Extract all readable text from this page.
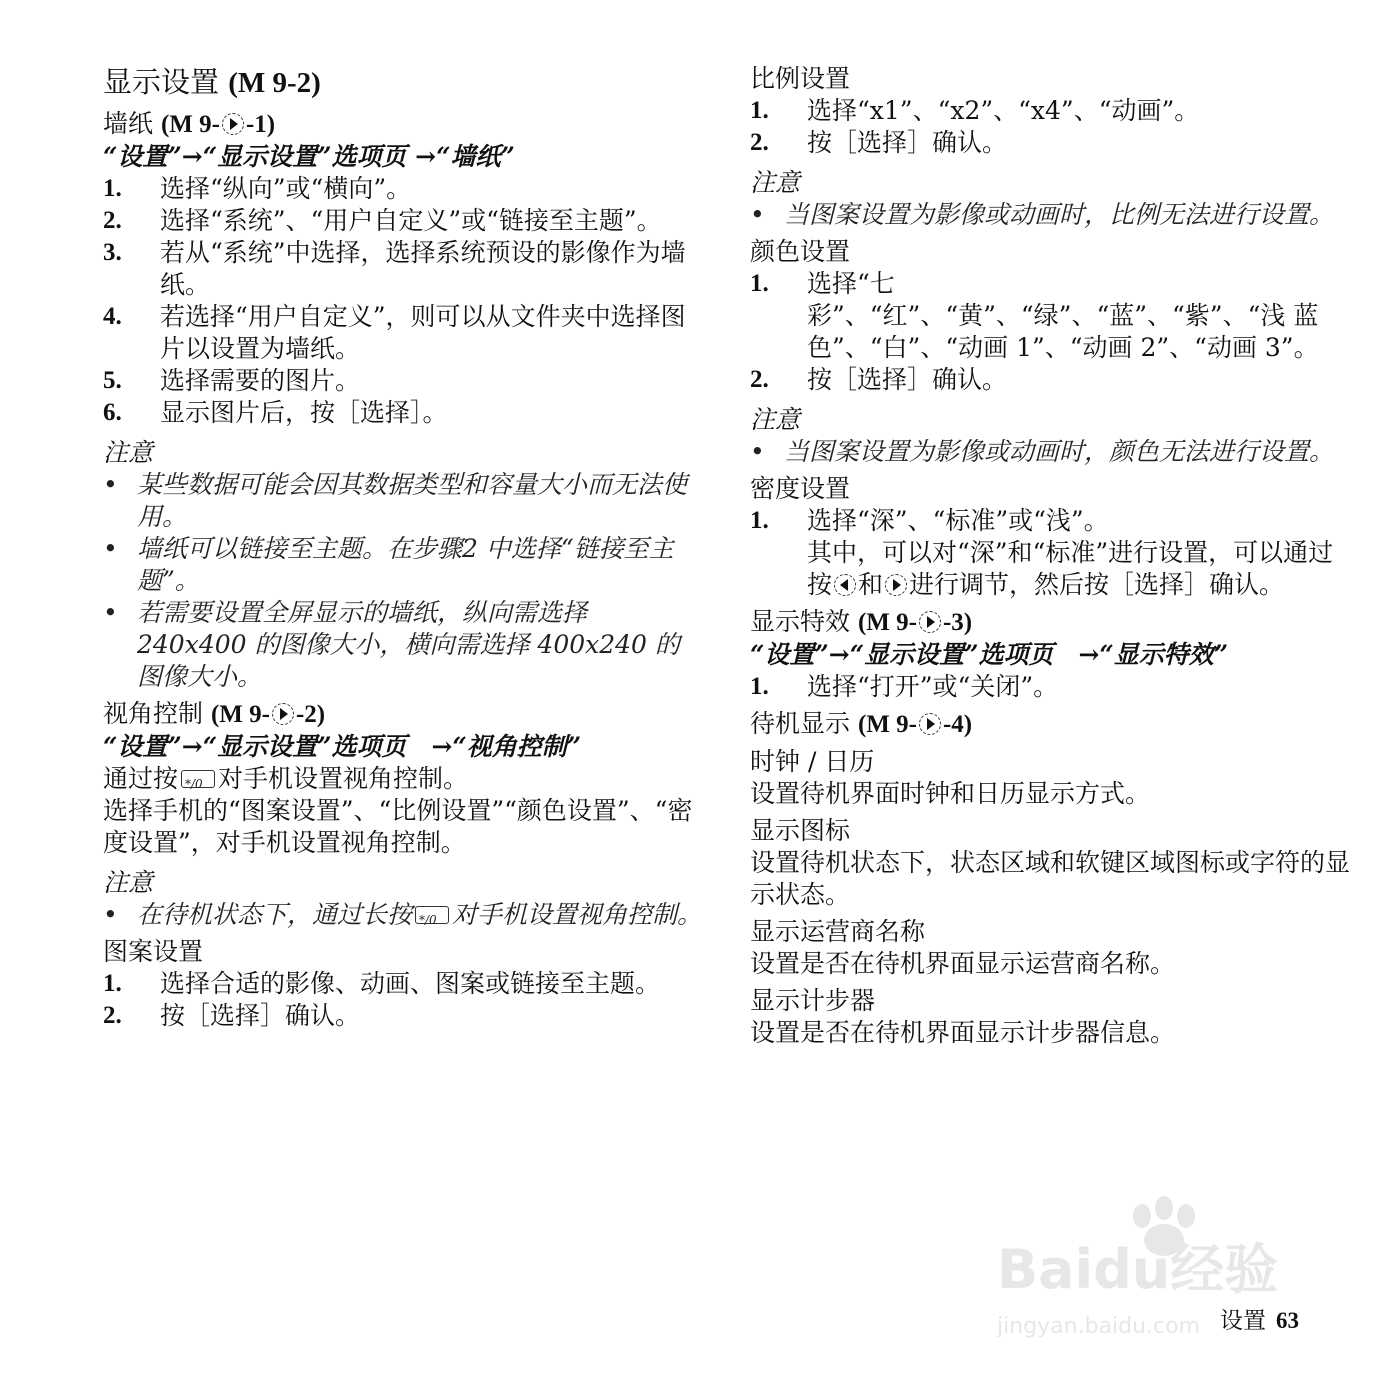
显示设置 (M 9-2)
墙纸 (M 9- -1)
“设置”→“显示设置”选项页 →“墙纸”
1. 选择“纵向”或“横向”。
2. 选择“系统”、“用户自定义”或“链接至主题”。
3. 若从“系统”中选择，选择系统预设的影像作为墙纸。
4. 若选择“用户自定义”，则可以从文件夹中选择图片以设置为墙纸。
5. 选择需要的图片。
6. 显示图片后，按［选择］。
注意
• 某些数据可能会因其数据类型和容量大小而无法使用。
• 墙纸可以链接至主题。在步骤2 中选择“链接至主题”。
• 若需要设置全屏显示的墙纸，纵向需选择 240x400 的图像大小，横向需选择 400x240 的图像大小。
视角控制 (M 9- -2)
“设置”→“显示设置”选项页　→“视角控制”
通过按 */0 对手机设置视角控制。
选择手机的“图案设置”、“比例设置”“颜色设置”、“密度设置”，对手机设置视角控制。
注意
• 在待机状态下，通过长按 */0 对手机设置视角控制。
图案设置
1. 选择合适的影像、动画、图案或链接至主题。
2. 按［选择］确认。
比例设置
1. 选择“x1”、“x2”、“x4”、“动画”。
2. 按［选择］确认。
注意
• 当图案设置为影像或动画时，比例无法进行设置。
颜色设置
1. 选择“七彩”、“红”、“黄”、“绿”、“蓝”、“紫”、“浅 蓝 色”、“白”、“动画 1”、“动画 2”、“动画 3”。
2. 按［选择］确认。
注意
• 当图案设置为影像或动画时，颜色无法进行设置。
密度设置
1. 选择“深”、“标准”或“浅”。
其中，可以对“深”和“标准”进行设置，可以通过按 和 进行调节，然后按［选择］确认。
显示特效 (M 9- -3)
“设置”→“显示设置”选项页　→“显示特效”
1. 选择“打开”或“关闭”。
待机显示 (M 9- -4)
时钟 / 日历
设置待机界面时钟和日历显示方式。
显示图标
设置待机状态下，状态区域和软键区域图标或字符的显示状态。
显示运营商名称
设置是否在待机界面显示运营商名称。
显示计步器
设置是否在待机界面显示计步器信息。
Baidu经验
jingyan.baidu.com 设置 63
